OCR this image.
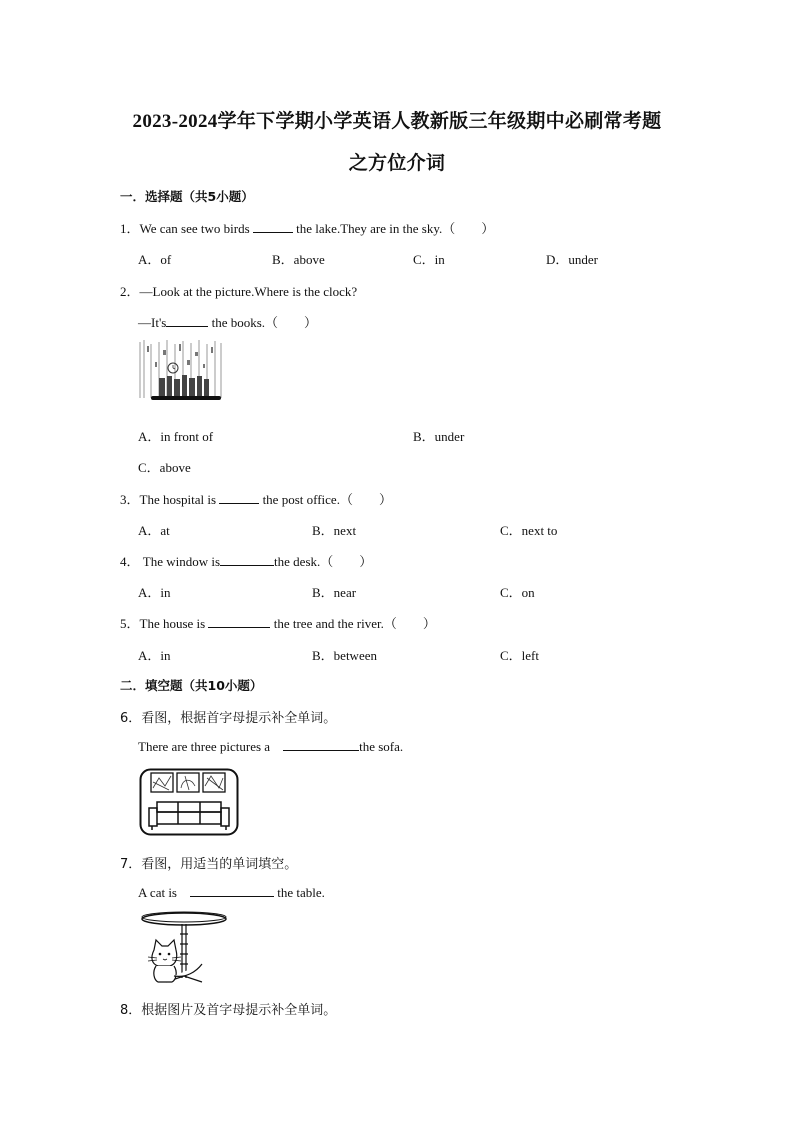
2023-2024学年下学期小学英语人教新版三年级期中必刷常考题
之方位介词
一．选择题（共5小题）
1．We can see two birds	the lake.They are in the sky.（　　）
A．of	B．above	C．in	D．under
2．—Look at the picture.Where is the clock?
—It's	the books.（　　）
A．in front of	B．under
C．above
3．The hospital is	the post office.（　　）
A．at	B．next	C．next to
4． The window is	the desk.（　　）
A．in	B．near	C．on
5．The house is	the tree and the river.（　　）
A．in	B．between	C．left
二．填空题（共10小题）
6．看图，根据首字母提示补全单词。
There are three pictures a	the sofa.
7．看图，用适当的单词填空。
A cat is	the table.
8．根据图片及首字母提示补全单词。
